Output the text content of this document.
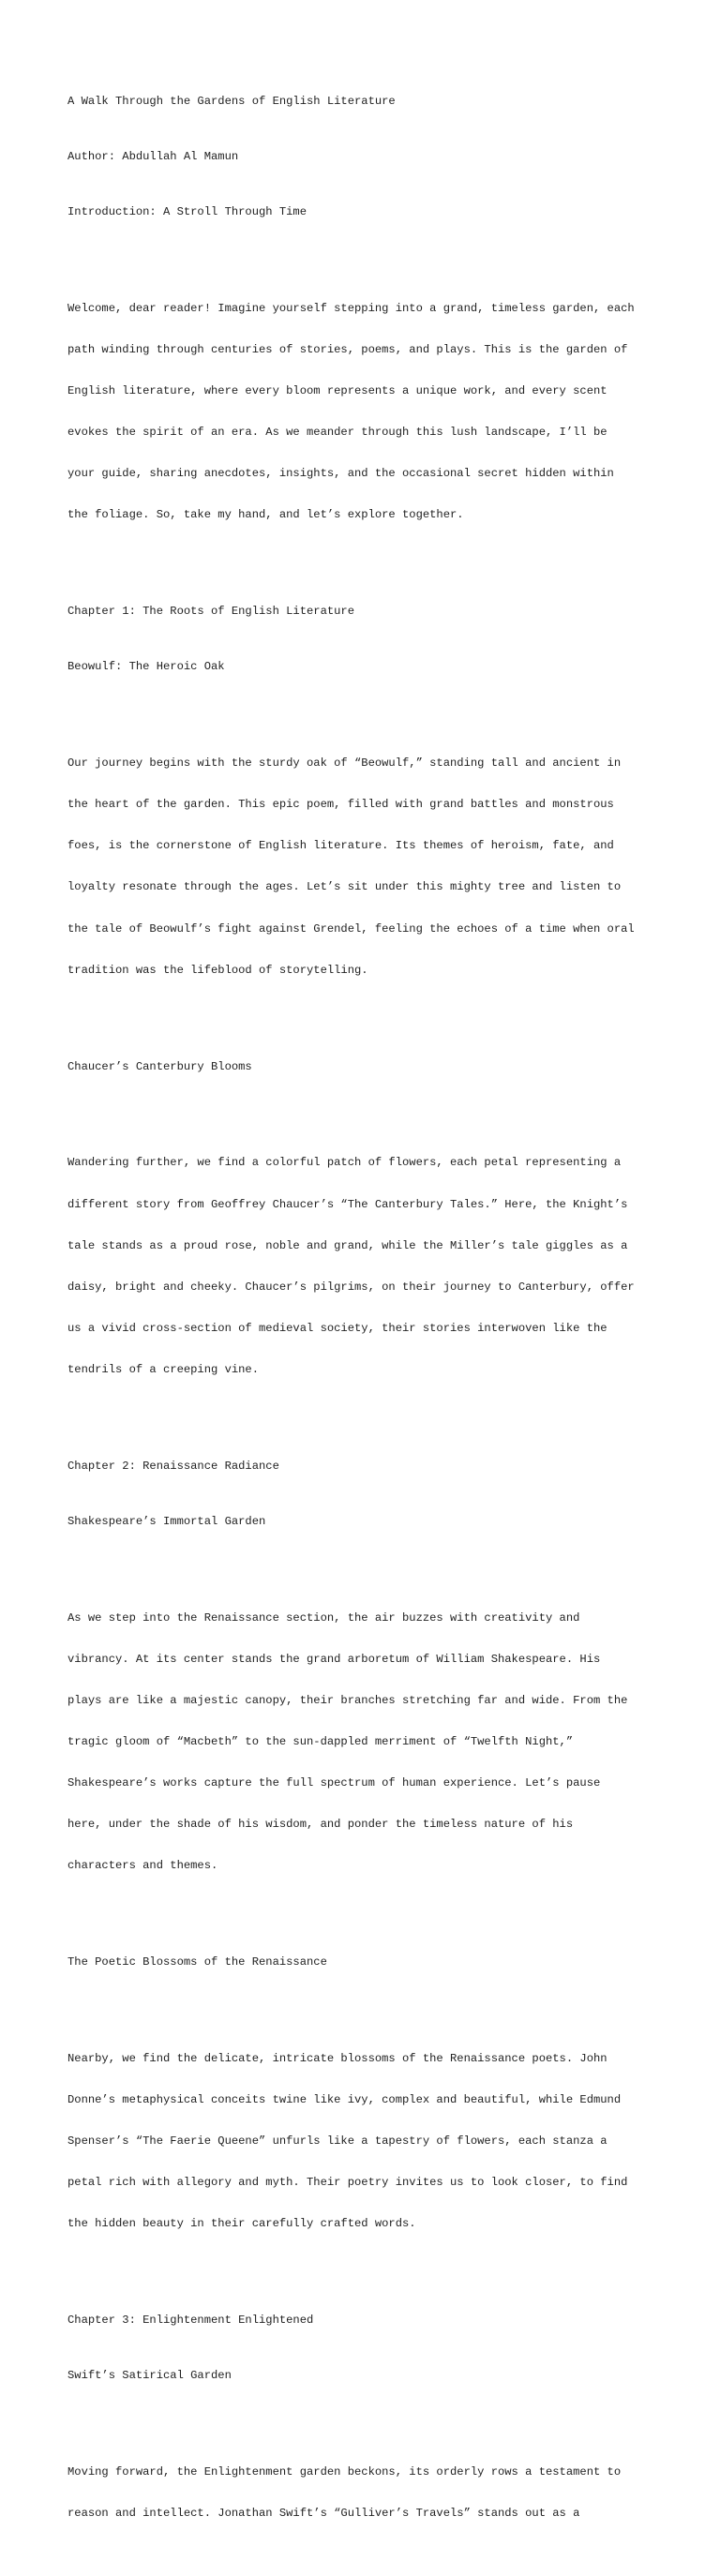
A Walk Through the Gardens of English Literature

Author: Abdullah Al Mamun

Introduction: A Stroll Through Time

Welcome, dear reader! Imagine yourself stepping into a grand, timeless garden, each

path winding through centuries of stories, poems, and plays. This is the garden of

English literature, where every bloom represents a unique work, and every scent

evokes the spirit of an era. As we meander through this lush landscape, I’ll be

your guide, sharing anecdotes, insights, and the occasional secret hidden within

the foliage. So, take my hand, and let’s explore together.

Chapter 1: The Roots of English Literature

Beowulf: The Heroic Oak

Our journey begins with the sturdy oak of “Beowulf,” standing tall and ancient in

the heart of the garden. This epic poem, filled with grand battles and monstrous

foes, is the cornerstone of English literature. Its themes of heroism, fate, and

loyalty resonate through the ages. Let’s sit under this mighty tree and listen to

the tale of Beowulf’s fight against Grendel, feeling the echoes of a time when oral

tradition was the lifeblood of storytelling.

Chaucer’s Canterbury Blooms

Wandering further, we find a colorful patch of flowers, each petal representing a

different story from Geoffrey Chaucer’s “The Canterbury Tales.” Here, the Knight’s

tale stands as a proud rose, noble and grand, while the Miller’s tale giggles as a

daisy, bright and cheeky. Chaucer’s pilgrims, on their journey to Canterbury, offer

us a vivid cross-section of medieval society, their stories interwoven like the

tendrils of a creeping vine.

Chapter 2: Renaissance Radiance

Shakespeare’s Immortal Garden

As we step into the Renaissance section, the air buzzes with creativity and

vibrancy. At its center stands the grand arboretum of William Shakespeare. His

plays are like a majestic canopy, their branches stretching far and wide. From the

tragic gloom of “Macbeth” to the sun-dappled merriment of “Twelfth Night,”

Shakespeare’s works capture the full spectrum of human experience. Let’s pause

here, under the shade of his wisdom, and ponder the timeless nature of his

characters and themes.

The Poetic Blossoms of the Renaissance

Nearby, we find the delicate, intricate blossoms of the Renaissance poets. John

Donne’s metaphysical conceits twine like ivy, complex and beautiful, while Edmund

Spenser’s “The Faerie Queene” unfurls like a tapestry of flowers, each stanza a

petal rich with allegory and myth. Their poetry invites us to look closer, to find

the hidden beauty in their carefully crafted words.

Chapter 3: Enlightenment Enlightened

Swift’s Satirical Garden

Moving forward, the Enlightenment garden beckons, its orderly rows a testament to

reason and intellect. Jonathan Swift’s “Gulliver’s Travels” stands out as a
